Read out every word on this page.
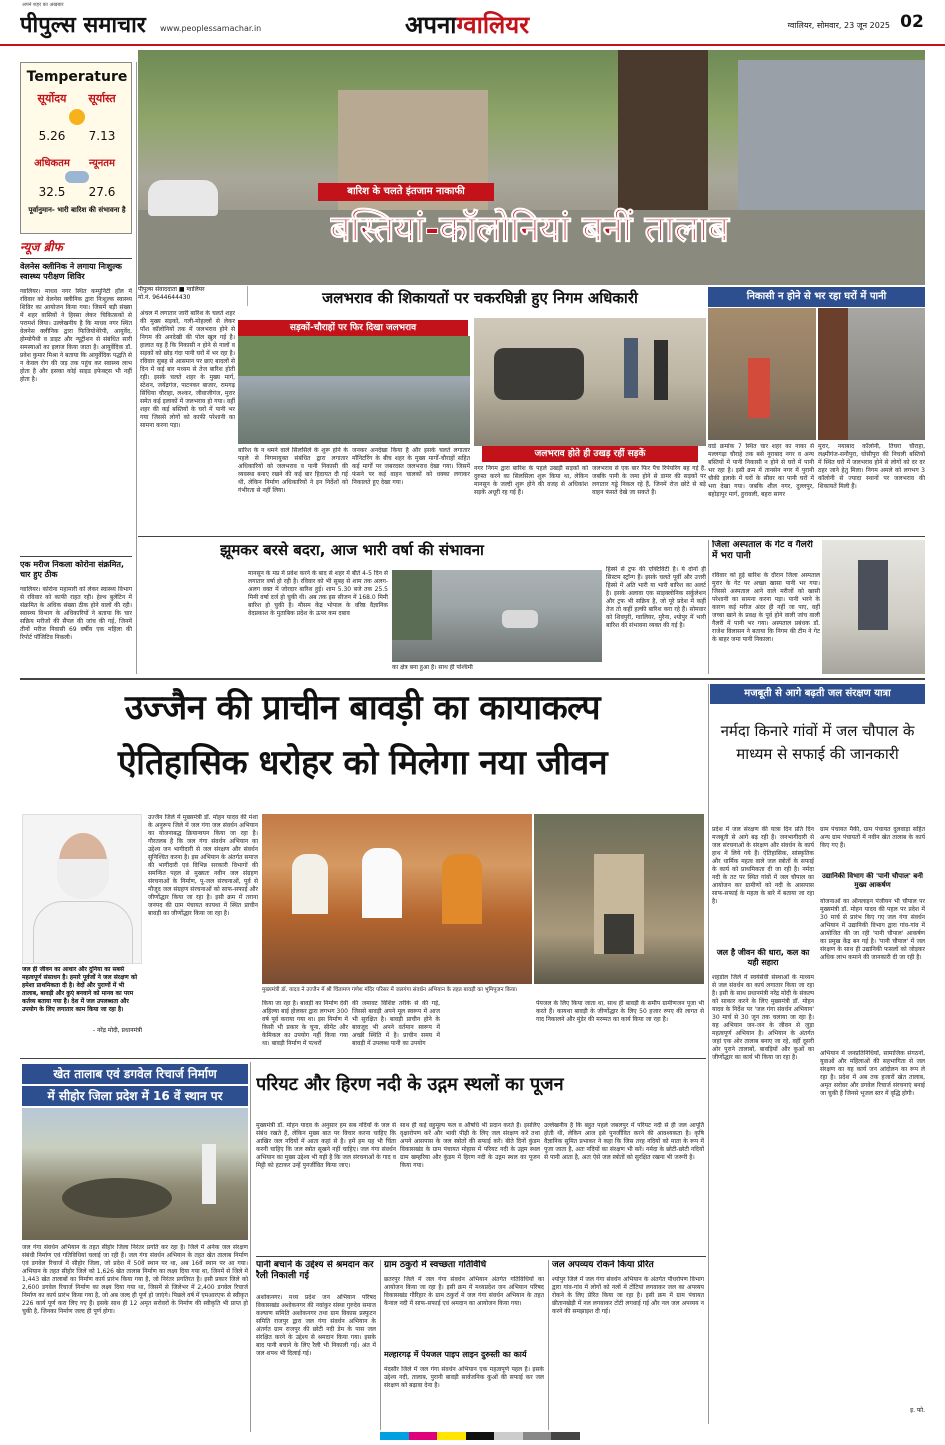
अपने शहर का अखबार
पीपुल्स समाचार	www.peoplessamachar.in	अपनाग्वालियर	ग्वालियर, सोमवार, 23 जून 2025 02
Temperature
सूर्योदय	सूर्यास्त
5.26	7.13
अधिकतम	न्यूनतम
32.5	27.6
पूर्वानुमान- भारी बारिश की संभावना है
न्यूज ब्रीफ
वेलनेस क्लीनिक ने लगाया निःशुल्क स्वास्थ्य परीक्षण शिविर
ग्वालियर। माधव नगर स्थित कम्युनिटी हॉल में रविवार को वेलनेस क्लीनिक द्वारा निःशुल्क स्वास्थ्य शिविर का आयोजन किया गया। जिसमें बड़ी संख्या में शहर वासियों ने हिस्सा लेकर चिकित्सकों से परामर्श लिया। उल्लेखनीय है कि माधव नगर स्थित वेलनेस क्लीनिक द्वारा फिजियोथेरेपी, आयुर्वेद, होम्योपैथी व डाइट और न्यूट्रीशन से संबंधित सारी समस्याओं का इलाज किया जाता है। आयुर्वेदिक डॉ. प्रवेश कुमार मिश्रा ने बताया कि आयुर्वेदिक पद्धति से न केवल रोग की जड़ तक पहुंच कर स्वास्थ्य लाभ होता है और इसका कोई साइड इफेक्ट्स भी नहीं होता है।
एक मरीज निकला कोरोना संक्रमित, चार हुए ठीक
ग्वालियर। कोरोना महामारी को लेकर स्वास्थ्य विभाग से रविवार को काफी राहत रही। हेल्थ बुलेटिन में संक्रमित के अधिक संख्या ठीक होने वालों की रही। स्वास्थ्य विभाग के अधिकारियों ने बताया कि चार सक्रिय मरीजों की सैंपल की जांच की गई, जिनमें तीनों मरीज निवासी 69 वर्षीय एक महिला की रिपोर्ट पॉजिटिव निकली।
बारिश के चलते इंतजाम नाकाफी
बस्तियां-कॉलोनियां बनीं तालाब
पीपुल्स संवाददाता ■ ग्वालियर
मो.नं. 9644644430	जलभराव की शिकायतों पर चकरघिन्नी हुए निगम अधिकारी
सड़कों-चौराहों पर फिर दिखा जलभराव
बारिश के न थमने वाले सिलसिले के शुरू होने के पहले से निगमायुक्त संबंधित द्वारा लगातार अधिकारियों को जलभराव व पानी निकासी की व्यवस्था बनाए रखने की कई बार हिदायत दी गई थी, लेकिन निर्माण अधिकारियों ने इन निर्देशों को गंभीरता से नहीं लिया।
जनकर अनदेखा किया है और इसके चलते लगातार मॉनिटरिंग के बीच शहर के मुख्य मार्गों-चौराहों सहित कई मार्गों पर जबरदस्त जलभराव देखा गया। जिसमें फंसने पर कई वाहन चालकों को धक्का लगाकर निकालते हुए देखा गया।
जलभराव होते ही उखड़ रहीं सड़कें
नगर निगम द्वारा बारिश के पहले उखड़ी सड़कों को दुरुस्त करने का सिलसिला शुरू किया था, लेकिन मानसून के जल्दी शुरू होने की वजह से अधिकांश सड़कें अधूरी रह गई हैं।
जलभराव से एक बार फिर पैच रिपेयरिंग बह गई है, जबकि पानी के जमा होने से डामर की सड़कों पर लगातार गड्ढे निकल रहे हैं, जिनमें रोज छोटे से बड़े वाहन फंसते देखे जा सकते हैं।
निकासी न होने से भर रहा घरों में पानी
वार्ड क्रमांक 7 स्थित चार शहर का नाका से मल्लगढ़ा चौराहे तक बसे नूराबाद नगर व अन्य बस्तियों में पानी निकासी न होने से घरों में पानी भर रहा है। इसी क्रम में तानसेन नगर में पुरानी चौकी इलाके में घरों के सीवर का पानी घरों में भरा देखा गया। जबकि शील नगर, दुल्लपुर, बहोड़ापुर मार्ग, हुरावली, बहरा सागर
मुरार, नयाबाद कॉलोनी, तिघरा चौराहा, लक्ष्मीगंज-सनौपुरा, घोसीपुरा की निचली बस्तियों में स्थित घरों में जलभराव होने से लोगों को दर दर ठहर जाने हेतु मिला। निगम अमले को लगभग 3 कॉलोनी से ज्यादा स्थानों पर जलभराव की शिकायतें मिली हैं।
अंचल में लगातार जारी बारिश के चलते शहर की मुख्य सड़कों, गली-मोहल्लों से लेकर पॉश कॉलोनियों तक में जलभराव होने से निगम की अनदेखी की पोल खुल गई है। हालात यह हैं कि निकासी न होने से नालों व सड़कों को छोड़ गंदा पानी घरों में भर रहा है। रविवार सुबह से आसमान पर छाए बादलों से दिन में कई बार मध्यम से तेज बारिश होती रही। इसके चलते शहर के मुख्य मार्ग, स्टेशन, जयेंद्रगंज, पाटनकर बाजार, रामगढ़ सिंधिया चौराहा, लश्कर, जीवाजीगंज, मुरार समेत कई इलाकों में जलभराव हो गया। वहीं शहर की कई बस्तियों के घरों में पानी भर गया जिससे लोगों को काफी परेशानी का सामना करना पड़ा।
झूमकर बरसे बदरा, आज भारी वर्षा की संभावना
मानसून के मप्र में प्रवेश करने के बाद से शहर में बीते 4-5 दिन से लगातार वर्षा हो रही है। रविवार को भी सुबह से शाम तक अलग-अलग वक्त में जोरदार बारिश हुई। शाम 5.30 बजे तक 25.5 मिमी वर्षा दर्ज हो चुकी थी। अब तक इस सीजन में 168.0 मिमी बारिश हो चुकी है। मौसम केंद्र भोपाल के वरिष्ठ वैज्ञानिक वेदप्रकाश के मुताबिक प्रदेश के ऊपर कम दबाव
का क्षेत्र बना हुआ है। साथ ही पश्चिमी
हिस्से से ट्रफ की एक्टिविटी है। ये दोनों ही सिस्टम स्ट्रॉन्ग हैं। इसके चलते पूर्वी और उत्तरी हिस्से में अति भारी या भारी बारिश का अलर्ट है। इसके अलावा एक साइक्लोनिक सर्कुलेशन और ट्रफ भी सक्रिय है, जो पूरे प्रदेश में कहीं तेज तो कहीं हल्की बारिश करा रहे हैं। सोमवार को शिवपुरी, ग्वालियर, मुरैना, श्योपुर में भारी बारिश की संभावना व्यक्त की गई है।
जिला अस्पताल के गेट व गैलरी में भरा पानी
रविवार को हुई बारिश के दौरान जिला अस्पताल मुरार के गेट पर अच्छा खासा पानी भर गया। जिससे अस्पताल आने वाले मरीजों को खासी परेशानी का सामना करना पड़ा। पानी भरने के कारण कई मरीज अंदर ही नहीं जा पाए, वहीं जच्चा खाने के प्रवक्ष के पूर्व होने वाली जांच वाली गैलरी में पानी भर गया। अस्पताल प्रबंधक डॉ. राजेश विलासन ने बताया कि निगम की टीम ने गेट के बाहर जमा पानी निकाला।
उज्जैन की प्राचीन बावड़ी का कायाकल्प
ऐतिहासिक धरोहर को मिलेगा नया जीवन
जल ही जीवन का आधार और दुनिया का सबसे महत्वपूर्ण संसाधन है। हमारे पूर्वजों ने जल संरक्षण को हमेशा प्राथमिकता दी है। वेदों और पुराणों में भी तालाब, बावड़ी और कुएं बनवाने को मानव का परम कर्तव्य बताया गया है। देश में जल उपलब्धता और उपयोग के लिए लगातार काम किया जा रहा है।
- नरेंद्र मोदी, प्रधानमंत्री
उज्जैन जिले में मुख्यमंत्री डॉ. मोहन यादव की मंशा के अनुरूप जिले में जल गंगा जल संवर्धन अभियान का योजनाबद्ध क्रियान्वयन किया जा रहा है। गौरतलब है कि जल गंगा संवर्धन अभियान का उद्देश्य जन भागीदारी से जल संरक्षण और संवर्धन सुनिश्चित करना है। इस अभियान के अंतर्गत समाज की भागीदारी एवं विभिन्न सरकारी विभागों की समन्वित पहल से मुख्यतः नवीन जल संग्रहण संरचनाओं के निर्माण, पू-जल संरचनाओं, पूर्व से मौजूद जल संग्रहण संरचनाओं को साफ-सफाई और जीर्णोद्धार किया जा रहा है। इसी क्रम में तराना जनपद की ग्राम पंचायत कायथा में स्थित प्राचीन बावड़ी का जीर्णोद्धार किया जा रहा है।
मुख्यमंत्री डॉ. यादव ने उज्जैन में श्री चिंतामण गणेश मंदिर परिसर में जलगंगा संवर्धन अभियान के तहत बावड़ी का भूमिपूजन किया।
किया जा रहा है। बावड़ी का निर्माण देवी अहिल्या बाई होलकर द्वारा लगभग 300 वर्ष पूर्व कराया गया था। इस निर्माण में किसी भी प्रकार के चूना, सीमेंट और केमिकल का उपयोग नहीं किया गया था। बावड़ी निर्माण में पत्थरों
की जमावट विशिष्ट तरीके से की गई, जिससे बावड़ी अपने मूल स्वरूप में आज भी सुरक्षित है। बावड़ी प्राचीन होने के बावजूद भी अपने वर्तमान स्वरूप में अच्छी स्थिति में है। प्राचीन समय में बावड़ी में उपलब्ध पानी का उपयोग
पेयजल के लिए किया जाता था, साथ ही बावड़ी के समीप ग्रामीणजन पूजा भी करते हैं। कायथा बावड़ी के जीर्णोद्धार के लिए 50 हजार रुपए की लागत से गाद निकालने और मुंडेर की मरम्मत का कार्य किया जा रहा है।
मजबूती से आगे बढ़ती जल संरक्षण यात्रा
नर्मदा किनारे गांवों में जल चौपाल के माध्यम से सफाई की जानकारी
प्रदेश में जल संरक्षण की यात्रा दिन प्रति दिन मजबूती से आगे बढ़ रही है। जनभागीदारी से जल संरचनाओं के संरक्षण और संवर्धन के कार्य हाथ में लिये गये हैं। ऐतिहासिक, सांस्कृतिक और धार्मिक महत्व वाले जल स्त्रोतों के सफाई के कार्य को प्राथमिकता दी जा रही है। नर्मदा नदी के तट पर स्थित गांवों में जल चौपाल का आयोजन कर ग्रामीणों को नदी के आसपास साफ-सफाई के महत्व के बारे में बताया जा रहा है।
ग्राम पंचायत मैकी, ग्राम पंचायत दुलवाड़ा सहित अन्य ग्राम पंचायतों में नवीन खेत तालाब के कार्य किए गए हैं।
उद्यानिकी विभाग की 'पानी चौपाल' बनी मुख्य आकर्षण
योजनाओं का ऑनलाइन पंजीयन भी चौपाल पर मुख्यमंत्री डॉ. मोहन यादव की पहल पर प्रदेश में 30 मार्च से प्रारंभ किए गए जल गंगा संवर्धन अभियान में उद्यानिकी विभाग द्वारा गांव-गांव में आयोजित की जा रही 'पानी चौपाल' आकर्षण का प्रमुख केंद्र बन गई है। 'पानी चौपाल' में जल संरक्षण के साथ ही उद्यानिकी फसलों को जोड़कर अधिक लाभ कमाने की जानकारी दी जा रही है।
जल है जीवन की धारा, कल का यही सहारा
शहडोल जिले में स्वयंसेवी संस्थाओं के माध्यम से जल संवर्धन का कार्य लगातार किया जा रहा है। इसी के साथ प्रधानमंत्री नरेंद्र मोदी के संकल्प को साकार करने के लिए मुख्यमंत्री डॉ. मोहन यादव के निर्देश पर 'जल गंगा संवर्धन अभियान' 30 मार्च से 30 जून तक चलाया जा रहा है। यह अभियान जन-जन के जीवन से जुड़ा महत्वपूर्ण अभियान है। अभियान के अंतर्गत जहां एक ओर तालाब बनाए जा रहे, वहीं दूसरी ओर पुराने तालाबों, बावड़ियों और कुओं का जीर्णोद्धार का कार्य भी किया जा रहा है।
अभियान में जनप्रतिनिधियों, सामाजिक संगठनों, युवाओं और महिलाओं की सहभागिता से जल संरक्षण का यह कार्य जन आंदोलन का रूप ले रहा है। प्रदेश में अब तक हजारों खेत तालाब, अमृत सरोवर और डगवेल रिचार्ज संरचनाएं बनाई जा चुकी हैं जिनसे भूजल स्तर में वृद्धि होगी।
इ. फो.
खेत तालाब एवं डगवेल रिचार्ज निर्माण
में सीहोर जिला प्रदेश में 16 वें स्थान पर
जल गंगा संवर्धन अभियान के तहत सीहोर जिला निरंतर प्रगति कर रहा है। जिले में अनेक जल संरक्षण संबंधी निर्माण एवं गतिविधियां चलाई जा रही हैं। जल गंगा संवर्धन अभियान के तहत खेत तालाब निर्माण एवं डगवेल रिचार्ज में सीहोर जिला, जो प्रदेश में 50वें स्थान पर था, अब 16वें स्थान पर आ गया। अभियान के तहत सीहोर जिले को 1,626 खेत तालाब निर्माण का लक्ष्य दिया गया था, जिनमें से जिले में 1,443 खेत तालाबों का निर्माण कार्य प्रारंभ किया गया है, जो निरंतर प्रगतिरत है। इसी प्रकार जिले को 2,600 डगवेल रिचार्ज निर्माण का लक्ष्य दिया गया था, जिसमें से जिलेभर में 2,400 डगवेल रिचार्ज निर्माण का कार्य प्रारंभ किया गया है, जो अब जल्द ही पूर्ण हो जाएंगे। पिछले वर्ष में एमआरएफ से स्वीकृत 226 कार्य पूर्ण करा लिए गए हैं। इसके साथ ही 12 अमृत सरोवरों के निर्माण की स्वीकृति भी प्राप्त हो चुकी है, जिनका निर्माण जल्द ही पूर्ण होगा।
परियट और हिरण नदी के उद्गम स्थलों का पूजन
मुख्यमंत्री डॉ. मोहन यादव के अनुसार हम सब नदियों के जल से संबंध रखते हैं, लेकिन मुख्य बात पर विचार करना चाहिए कि आखिर जल नदियों में आता कहां से है। हमें हम यह भी चिंता करनी चाहिए कि जल स्त्रोत सूखने नहीं चाहिए। जल गंगा संवर्धन अभियान का मुख्य उद्देश्य भी यही है कि जल संरचनाओं के गाद व मिट्टी को हटाकर उन्हें पुनर्जीवित किया जाए।
साथ ही कई वहुमूल्य फल व औषधि भी प्रदान करते हैं। इसलिए वृक्षारोपण करें और भावी पीढ़ी के लिए जल संरक्षण करें तथा अपने आसपास के जल स्त्रोतों की सफाई करें। बीते दिनों कुंडम विकासखंड के ग्राम पंचायत मोहास में परियट नदी के उद्गम स्थल ग्राम खम्हरिया और कुंडम में हिरण नदी के उद्गम स्थल का पूजन किया गया।
उल्लेखनीय है कि बहुत पहले जबलपुर में परियट नदी से ही जल आपूर्ति होती थी, लेकिन आज इसे पुनर्जीवित करने की आवश्यकता है। कृषि वैज्ञानिक सुमित प्रभाकर ने कहा कि जिस तरह नदियों को माता के रूप में पूजा जाता है, अतः नदियों का संरक्षण भी करें। नर्मदा के छोटी-छोटी नदियों से पानी आता है, अतः ऐसे जल स्त्रोतों को सुरक्षित रखना भी जरूरी है।
पानी बचाने के उद्देश्य से श्रमदान कर रैली निकाली गई
अशोकनगर। मध्य प्रदेश जन अभियान परिषद विकासखंड अशोकनगर की नवांकुर संस्था गुरुदेव समाज कल्याण समिति अशोकनगर तथा ग्राम विकास प्रस्फुटन समिति राजपुर द्वारा जल गंगा संवर्धन अभियान के अंतर्गत ग्राम राजपुर की छोटी नदी डेम के पास जल संरक्षित करने के उद्देश्य से श्रमदान किया गया। इसके बाद पानी बचाने के लिए रैली भी निकाली गई। अंत में जल शपथ भी दिलाई गई।
ग्राम ठकुर्रा में स्वच्छता गतिविधि
छतरपुर जिले में जल गंगा संवर्धन अभियान अंतर्गत गतिविधियों का आयोजन किया जा रहा है। इसी क्रम में मध्यप्रदेश जन अभियान परिषद विकासखंड गौरिहार के ग्राम ठकुर्रा में जल गंगा संवर्धन अभियान के तहत कैनाल नदी में साफ-सफाई एवं श्रमदान का आयोजन किया गया।
मल्हारगढ़ में पेयजल पाइप लाइन दुरुस्ती का कार्य
मंदसौर जिले में जल गंगा संवर्धन अभियान एक महत्वपूर्ण पहल है। इसके उद्देश्य नदी, तालाब, पुरानी बावड़ी सार्वजनिक कुओं की सफाई कर जल संरक्षण को बढ़ावा देना है।
जल अपव्यय रोकने किया प्रेरित
श्योपुर जिले में जल गंगा संवर्धन अभियान के अंतर्गत पौधरोपण विभाग द्वारा गांव-गांव में लोगों को नलों में टोंटियां लगवाकर जल का अपव्यय रोकने के लिए प्रेरित किया जा रहा है। इसी क्रम में ग्राम पंचायत छीतानखेड़ी में नल लगवाकर टोंटी लगवाई गई और नल जल अपव्यय न करने की समझाइश दी गई।
